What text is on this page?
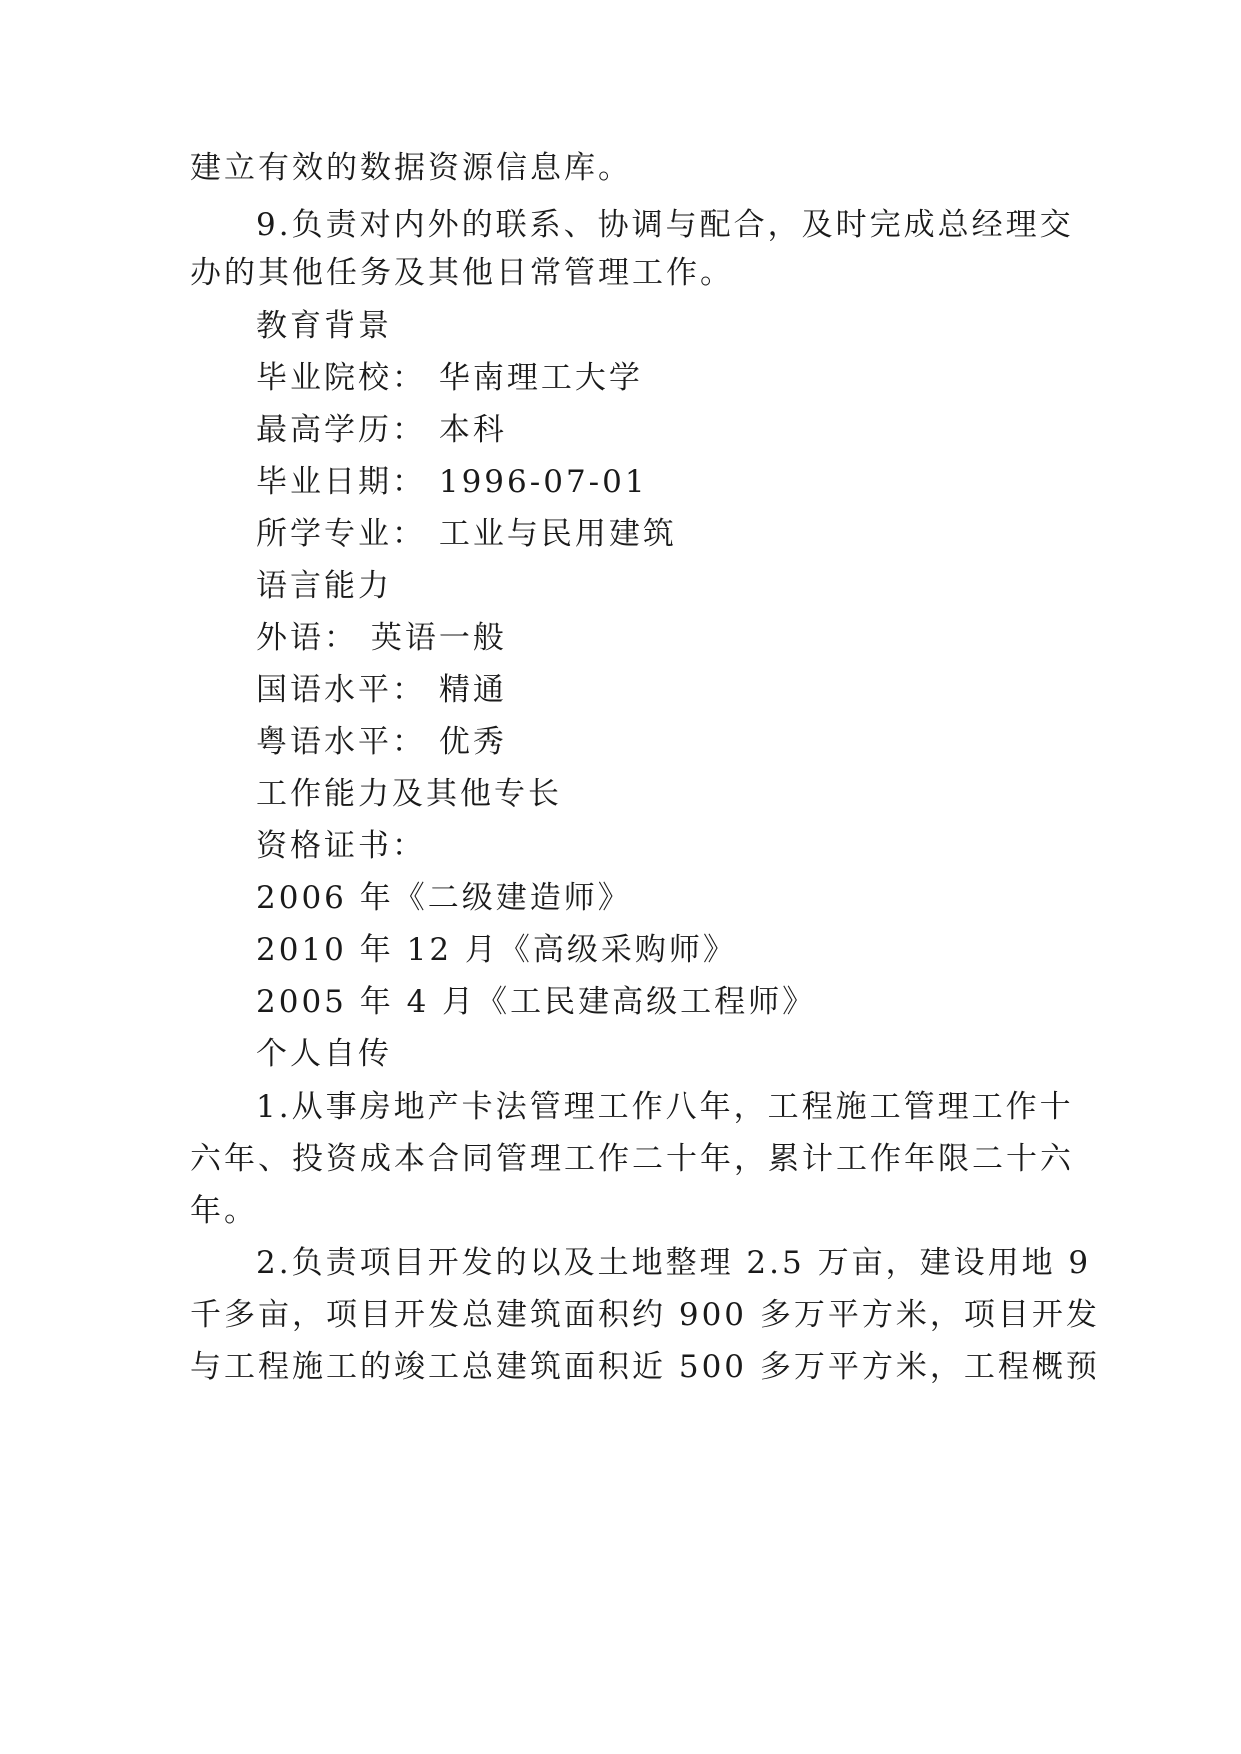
建立有效的数据资源信息库。
9.负责对内外的联系、协调与配合，及时完成总经理交
办的其他任务及其他日常管理工作。
教育背景
毕业院校： 华南理工大学
最高学历： 本科
毕业日期： 1996-07-01
所学专业： 工业与民用建筑
语言能力
外语： 英语一般
国语水平： 精通
粤语水平： 优秀
工作能力及其他专长
资格证书：
2006 年《二级建造师》
2010 年 12 月《高级采购师》
2005 年 4 月《工民建高级工程师》
个人自传
1.从事房地产卡法管理工作八年，工程施工管理工作十
六年、投资成本合同管理工作二十年，累计工作年限二十六
年。
2.负责项目开发的以及土地整理 2.5 万亩，建设用地 9
千多亩，项目开发总建筑面积约 900 多万平方米，项目开发
与工程施工的竣工总建筑面积近 500 多万平方米，工程概预
